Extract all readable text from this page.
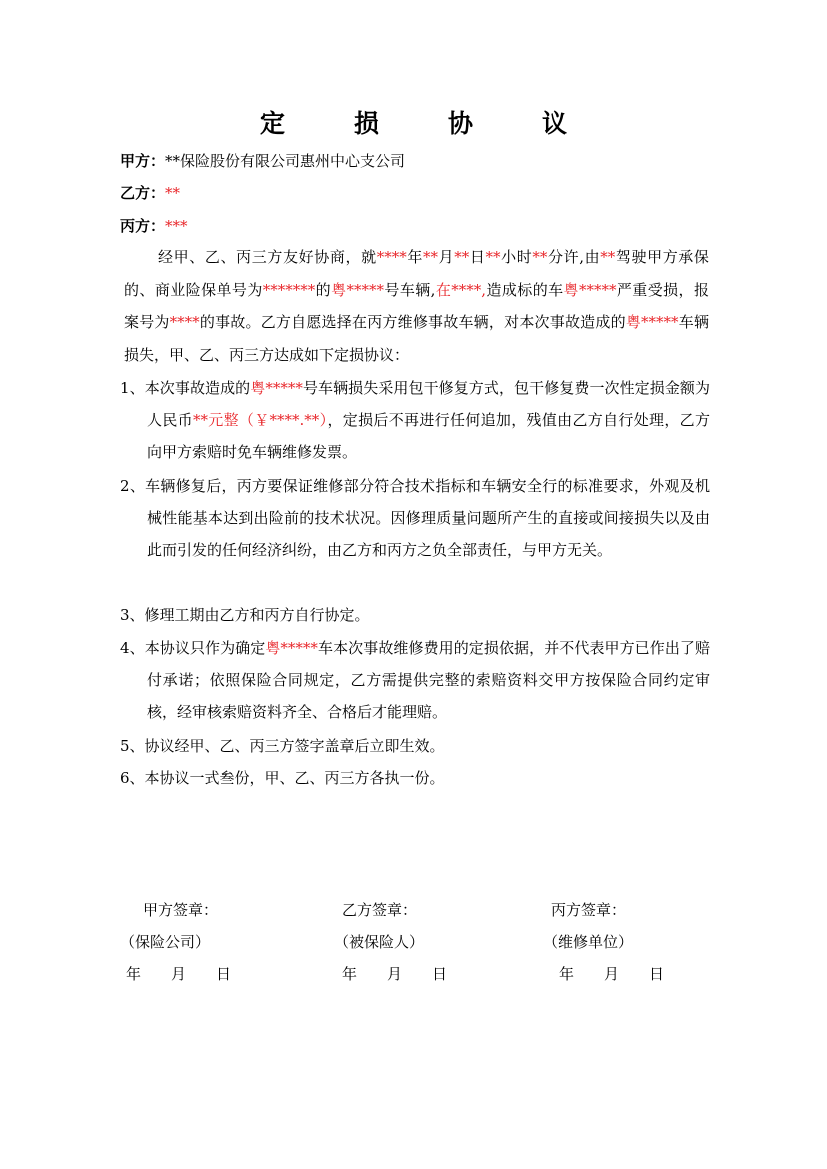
定　损　协　议
甲方：**保险股份有限公司惠州中心支公司
乙方：**
丙方：***
经甲、乙、丙三方友好协商，就****年**月**日**小时**分许,由**驾驶甲方承保的、商业险保单号为*******的粤*****号车辆,在****,造成标的车粤*****严重受损，报案号为****的事故。乙方自愿选择在丙方维修事故车辆，对本次事故造成的粤*****车辆损失，甲、乙、丙三方达成如下定损协议：
1、本次事故造成的粤*****号车辆损失采用包干修复方式，包干修复费一次性定损金额为人民币**元整（￥****.**），定损后不再进行任何追加，残值由乙方自行处理，乙方向甲方索赔时免车辆维修发票。
2、车辆修复后，丙方要保证维修部分符合技术指标和车辆安全行的标准要求，外观及机械性能基本达到出险前的技术状况。因修理质量问题所产生的直接或间接损失以及由此而引发的任何经济纠纷，由乙方和丙方之负全部责任，与甲方无关。
3、修理工期由乙方和丙方自行协定。
4、本协议只作为确定粤*****车本次事故维修费用的定损依据，并不代表甲方已作出了赔付承诺；依照保险合同规定，乙方需提供完整的索赔资料交甲方按保险合同约定审核，经审核索赔资料齐全、合格后才能理赔。
5、协议经甲、乙、丙三方签字盖章后立即生效。
6、本协议一式叁份，甲、乙、丙三方各执一份。
甲方签章：
（保险公司）
年　　月　　日
乙方签章：
（被保险人）
年　　月　　日
丙方签章：
（维修单位）
年　　月　　日
